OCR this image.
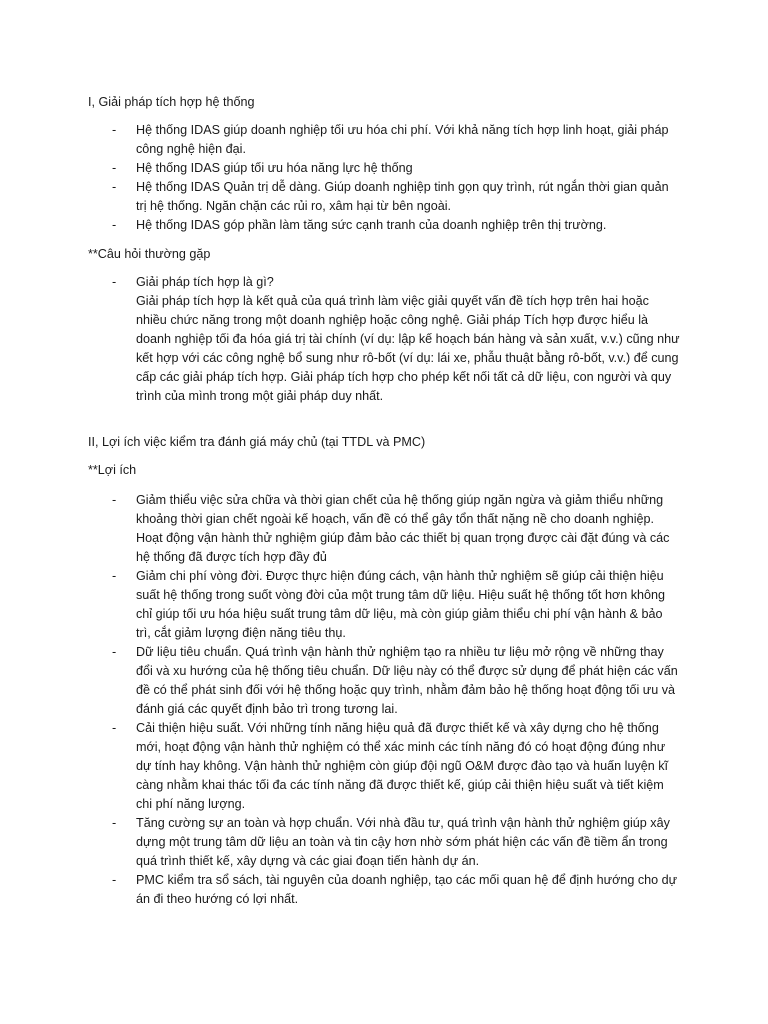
I, Giải pháp tích hợp hệ thống
- Hệ thống IDAS giúp doanh nghiệp tối ưu hóa chi phí. Với khả năng tích hợp linh hoạt, giải pháp công nghệ hiện đại.
- Hệ thống IDAS giúp tối ưu hóa năng lực hệ thống
- Hệ thống IDAS Quản trị dễ dàng. Giúp doanh nghiệp tinh gọn quy trình, rút ngắn thời gian quản trị hệ thống. Ngăn chặn các rủi ro, xâm hại từ bên ngoài.
- Hệ thống IDAS góp phần làm tăng sức cạnh tranh của doanh nghiệp trên thị trường.
**Câu hỏi thường gặp
- Giải pháp tích hợp là gì?
Giải pháp tích hợp là kết quả của quá trình làm việc giải quyết vấn đề tích hợp trên hai hoặc nhiều chức năng trong một doanh nghiệp hoặc công nghệ. Giải pháp Tích hợp được hiểu là doanh nghiệp tối đa hóa giá trị tài chính (ví dụ: lập kế hoạch bán hàng và sản xuất, v.v.) cũng như kết hợp với các công nghệ bổ sung như rô-bốt (ví dụ: lái xe, phẫu thuật bằng rô-bốt, v.v.) để cung cấp các giải pháp tích hợp. Giải pháp tích hợp cho phép kết nối tất cả dữ liệu, con người và quy trình của mình trong một giải pháp duy nhất.
II, Lợi ích việc kiểm tra đánh giá máy chủ (tại TTDL và PMC)
**Lợi ích
- Giảm thiểu việc sửa chữa và thời gian chết của hệ thống giúp ngăn ngừa và giảm thiểu những khoảng thời gian chết ngoài kế hoạch, vấn đề có thể gây tổn thất nặng nề cho doanh nghiệp. Hoạt động vận hành thử nghiệm giúp đảm bảo các thiết bị quan trọng được cài đặt đúng và các hệ thống đã được tích hợp đầy đủ
- Giảm chi phí vòng đời. Được thực hiện đúng cách, vận hành thử nghiệm sẽ giúp cải thiện hiệu suất hệ thống trong suốt vòng đời của một trung tâm dữ liệu. Hiệu suất hệ thống tốt hơn không chỉ giúp tối ưu hóa hiệu suất trung tâm dữ liệu, mà còn giúp giảm thiểu chi phí vận hành & bảo trì, cắt giảm lượng điện năng tiêu thụ.
- Dữ liệu tiêu chuẩn. Quá trình vận hành thử nghiệm tạo ra nhiều tư liệu mở rộng về những thay đổi và xu hướng của hệ thống tiêu chuẩn. Dữ liệu này có thể được sử dụng để phát hiện các vấn đề có thể phát sinh đối với hệ thống hoặc quy trình, nhằm đảm bảo hệ thống hoạt động tối ưu và đánh giá các quyết định bảo trì trong tương lai.
- Cải thiện hiệu suất. Với những tính năng hiệu quả đã được thiết kế và xây dựng cho hệ thống mới, hoạt động vận hành thử nghiệm có thể xác minh các tính năng đó có hoạt động đúng như dự tính hay không. Vận hành thử nghiệm còn giúp đội ngũ O&M được đào tạo và huấn luyện kĩ càng nhằm khai thác tối đa các tính năng đã được thiết kế, giúp cải thiện hiệu suất và tiết kiệm chi phí năng lượng.
- Tăng cường sự an toàn và hợp chuẩn. Với nhà đầu tư, quá trình vận hành thử nghiệm giúp xây dựng một trung tâm dữ liệu an toàn và tin cậy hơn nhờ sớm phát hiện các vấn đề tiềm ẩn trong quá trình thiết kế, xây dựng và các giai đoạn tiến hành dự án.
- PMC kiểm tra sổ sách, tài nguyên của doanh nghiệp, tạo các mối quan hệ để định hướng cho dự án đi theo hướng có lợi nhất.
